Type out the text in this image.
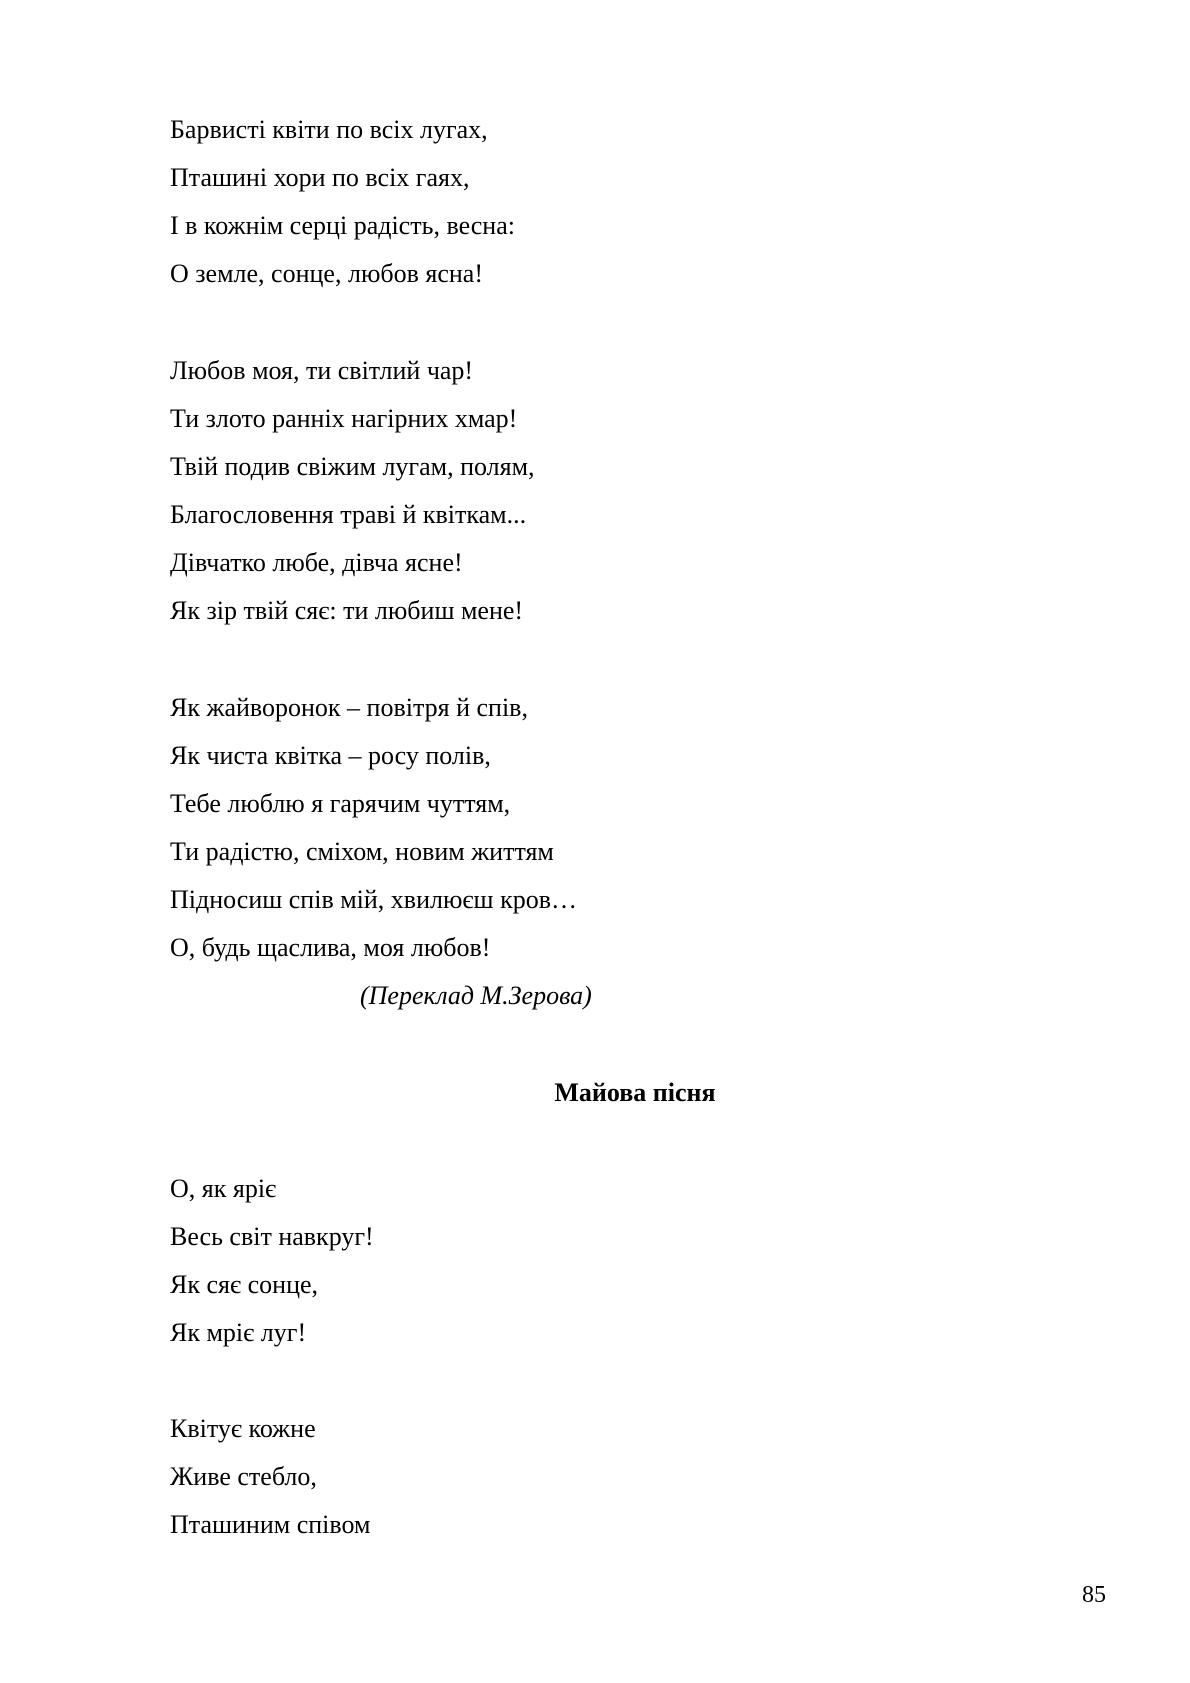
Барвисті квіти по всіх лугах,
Пташині хори по всіх гаях,
І в кожнім серці радість, весна:
О земле, сонце, любов ясна!
Любов моя, ти світлий чар!
Ти злото ранніх нагірних хмар!
Твій подив свіжим лугам, полям,
Благословення траві й квіткам...
Дівчатко любе, дівча ясне!
Як зір твій сяє: ти любиш мене!
Як жайворонок – повітря й спів,
Як чиста квітка – росу полів,
Тебе люблю я гарячим чуттям,
Ти радістю, сміхом, новим життям
Підносиш спів мій, хвилюєш кров…
О, будь щаслива, моя любов!
(Переклад М.Зерова)
Майова пісня
О, як ярiє
Весь свiт навкруг!
Як сяє сонце,
Як мрiє луг!
Квiтує кожне
Живе стебло,
Пташиним співом
85
